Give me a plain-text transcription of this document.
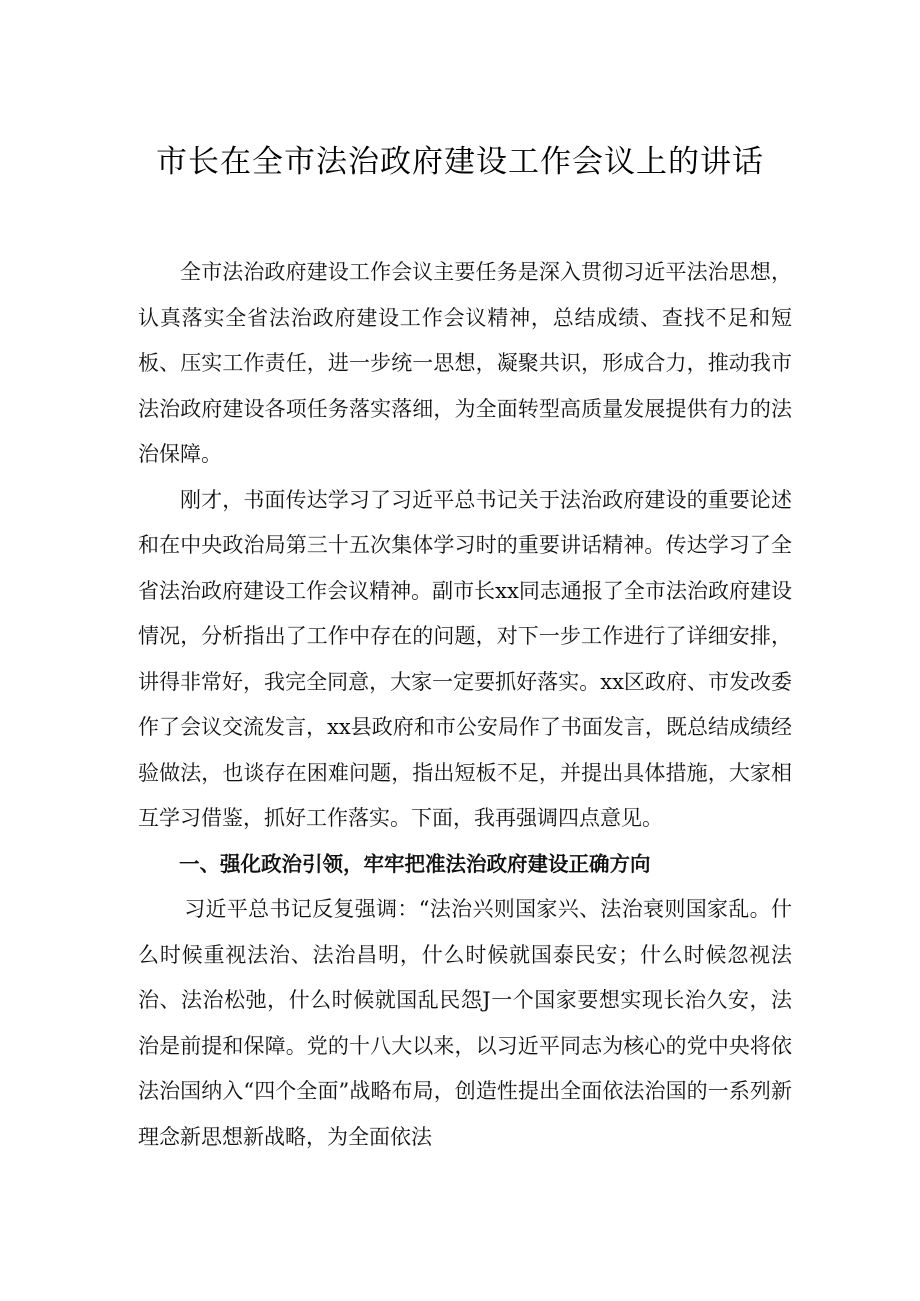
市长在全市法治政府建设工作会议上的讲话

全市法治政府建设工作会议主要任务是深入贯彻习近平法治思想，认真落实全省法治政府建设工作会议精神，总结成绩、查找不足和短板、压实工作责任，进一步统一思想，凝聚共识，形成合力，推动我市法治政府建设各项任务落实落细，为全面转型高质量发展提供有力的法治保障。

刚才，书面传达学习了习近平总书记关于法治政府建设的重要论述和在中央政治局第三十五次集体学习时的重要讲话精神。传达学习了全省法治政府建设工作会议精神。副市长xx同志通报了全市法治政府建设情况，分析指出了工作中存在的问题，对下一步工作进行了详细安排，讲得非常好，我完全同意，大家一定要抓好落实。xx区政府、市发改委作了会议交流发言，xx县政府和市公安局作了书面发言，既总结成绩经验做法，也谈存在困难问题，指出短板不足，并提出具体措施，大家相互学习借鉴，抓好工作落实。下面，我再强调四点意见。

一、强化政治引领，牢牢把准法治政府建设正确方向

习近平总书记反复强调：“法治兴则国家兴、法治衰则国家乱。什么时候重视法治、法治昌明，什么时候就国泰民安；什么时候忽视法治、法治松弛，什么时候就国乱民怨J一个国家要想实现长治久安，法治是前提和保障。党的十八大以来，以习近平同志为核心的党中央将依法治国纳入“四个全面”战略布局，创造性提出全面依法治国的一系列新理念新思想新战略，为全面依法
